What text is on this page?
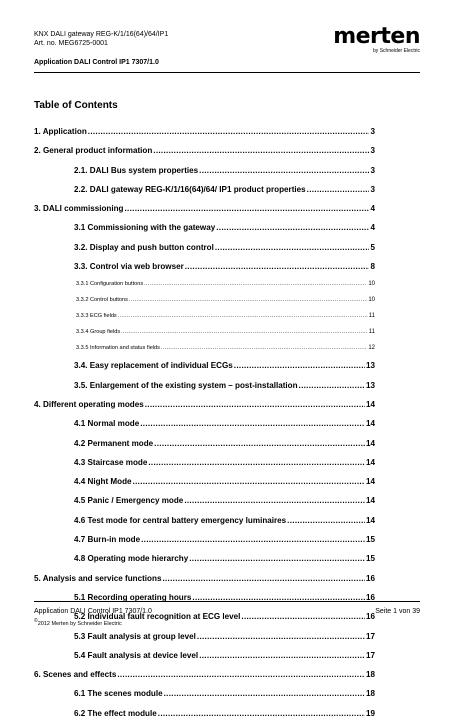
KNX DALI gateway REG-K/1/16(64)/64/IP1
Art. no. MEG6725-0001
Application DALI Control IP1 7307/1.0
merten
by Schneider Electric
Table of Contents
1. Application .....	3
2. General product information .....	3
2.1. DALI Bus system properties .....	3
2.2. DALI gateway REG-K/1/16(64)/64/ IP1 product properties .....	3
3. DALI commissioning .....	4
3.1 Commissioning with the gateway .....	4
3.2. Display and push button control .....	5
3.3. Control via web browser .....	8
3.3.1 Configuration buttons .....	10
3.3.2 Control buttons .....	10
3.3.3 ECG fields .....	11
3.3.4 Group fields .....	11
3.3.5 Information and status fields .....	12
3.4. Easy replacement of individual ECGs .....	13
3.5. Enlargement of the existing system – post-installation .....	13
4. Different operating modes .....	14
4.1 Normal mode .....	14
4.2 Permanent mode .....	14
4.3 Staircase mode .....	14
4.4 Night Mode .....	14
4.5 Panic / Emergency mode .....	14
4.6 Test mode for central battery emergency luminaires .....	14
4.7 Burn-in mode .....	15
4.8 Operating mode hierarchy .....	15
5. Analysis and service functions .....	16
5.1 Recording operating hours .....	16
5.2 Individual fault recognition at ECG level .....	16
5.3 Fault analysis at group level .....	17
5.4 Fault analysis at device level .....	17
6. Scenes and effects .....	18
6.1 The scenes module .....	18
6.2 The effect module .....	19
Application DALI Control IP1 7307/1.0	Seite 1 von 39
©2012 Merten by Schneider Electric
